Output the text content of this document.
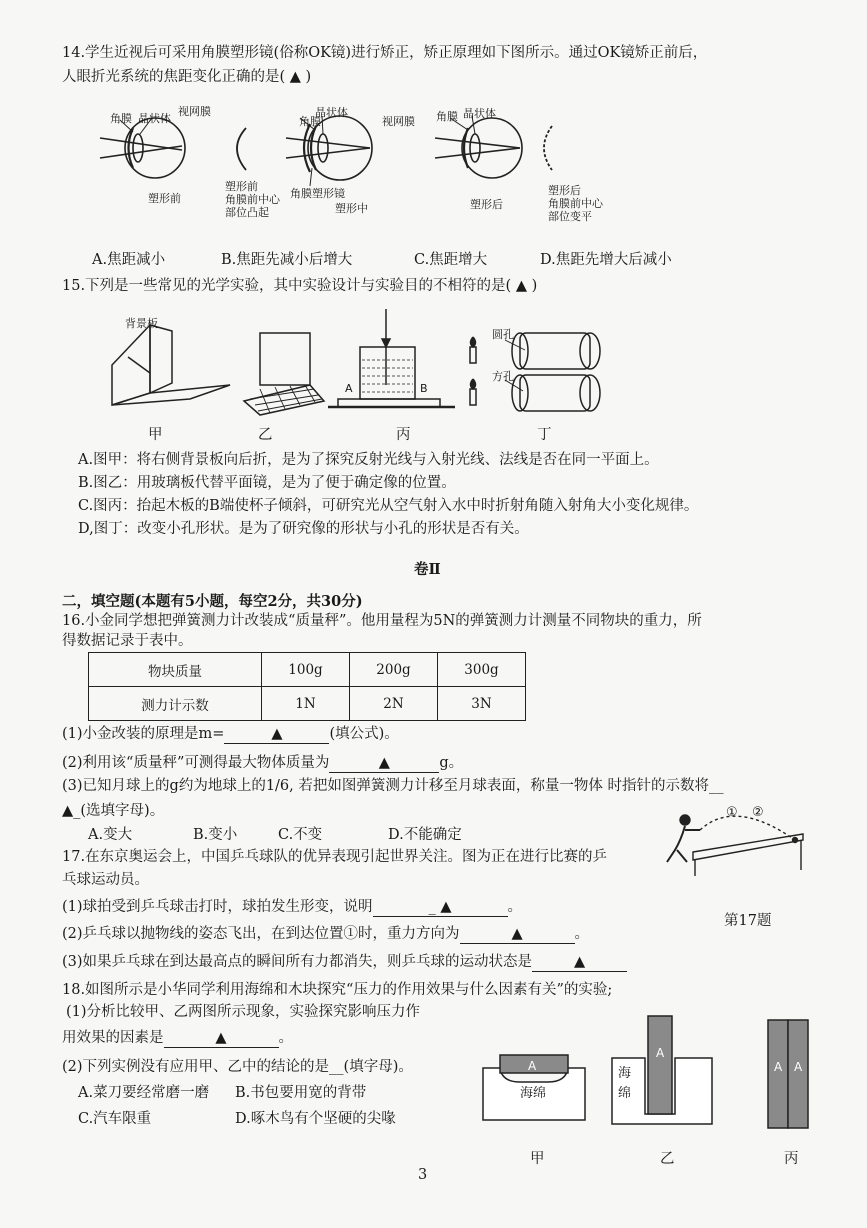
14.学生近视后可采用角膜塑形镜(俗称OK镜)进行矫正，矫正原理如下图所示。通过OK镜矫正前后，
人眼折光系统的焦距变化正确的是( ▲ )
角膜 晶状体
视网膜
塑形前
塑形前
角膜前中心
部位凸起
角膜
晶状体
视网膜
角膜塑形镜
塑形中
角膜 晶状体
塑形后
塑形后
角膜前中心
部位变平
A.焦距减小	B.焦距先减小后增大	C.焦距增大	D.焦距先增大后减小
15.下列是一些常见的光学实验，其中实验设计与实验目的不相符的是( ▲ )
背景板
A	B
圆孔
方孔
甲	乙	丙	丁
A.图甲：将右侧背景板向后折，是为了探究反射光线与入射光线、法线是否在同一平面上。
B.图乙：用玻璃板代替平面镜，是为了便于确定像的位置。
C.图丙：抬起木板的B端使杯子倾斜，可研究光从空气射入水中时折射角随入射角大小变化规律。
D,图丁：改变小孔形状。是为了研究像的形状与小孔的形状是否有关。
卷Ⅱ
二，填空题(本题有5小题，每空2分，共30分)
16.小金同学想把弹簧测力计改装成“质量秤”。他用量程为5N的弹簧测力计测量不同物块的重力，所
得数据记录于表中。
物块质量	100g	200g	300g
测力计示数	1N	2N	3N
(1)小金改装的原理是m=	▲	(填公式)。
(2)利用该“质量秤”可测得最大物体质量为	▲	g。
(3)已知月球上的g约为地球上的1/6, 若把如图弹簧测力计移至月球表面，称量一物体 时指针的示数将__
▲_(选填字母)。
A.变大	B.变小	C.不变	D.不能确定
17.在东京奥运会上，中国乒乓球队的优异表现引起世界关注。图为正在进行比赛的乒
乓球运动员。
(1)球拍受到乒乓球击打时，球拍发生形变，说明	_ ▲	。
(2)乒乓球以抛物线的姿态飞出，在到达位置①时，重力方向为	▲	。
(3)如果乒乓球在到达最高点的瞬间所有力都消失，则乒乓球的运动状态是	▲
① ②
第17题
18.如图所示是小华同学利用海绵和木块探究“压力的作用效果与什么因素有关”的实验;
(1)分析比较甲、乙两图所示现象，实验探究影响压力作
用效果的因素是	▲	。
(2)下列实例没有应用甲、乙中的结论的是__(填字母)。
A.菜刀要经常磨一磨 B.书包要用宽的背带
C.汽车限重	D.啄木鸟有个坚硬的尖喙
A
海绵
A
海
绵
A A
甲	乙	丙
3
